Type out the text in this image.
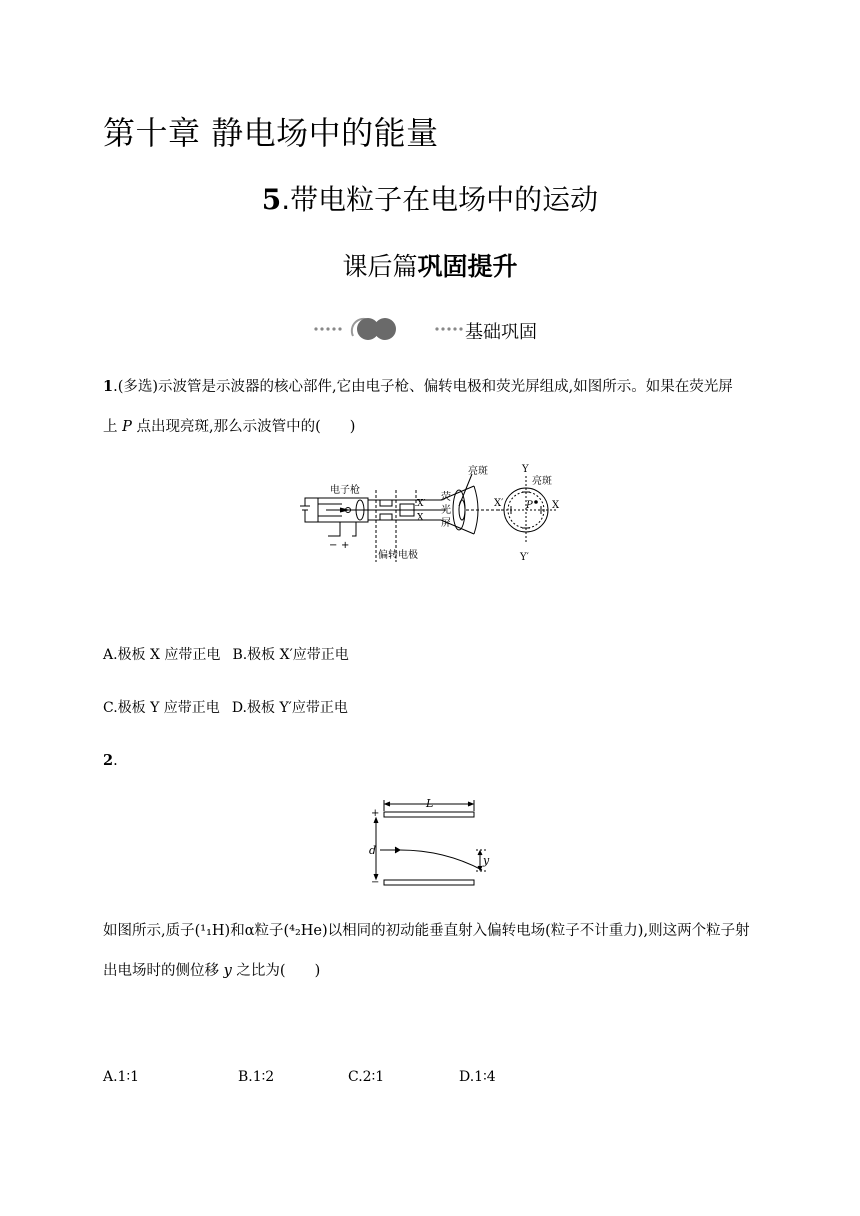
第十章 静电场中的能量
5.带电粒子在电场中的运动
课后篇巩固提升
基础巩固
1.(多选)示波管是示波器的核心部件,它由电子枪、偏转电极和荧光屏组成,如图所示。如果在荧光屏
上 P 点出现亮斑,那么示波管中的(　　)
电子枪
偏转电极
亮斑
荧
光
屏
亮斑
Y
Y′
X
X′ P
X′
X
− +
A.极板 X 应带正电 B.极板 X′应带正电
C.极板 Y 应带正电 D.极板 Y′应带正电
2.
L
d
y
+
−
如图所示,质子(¹₁H)和α粒子(⁴₂He)以相同的初动能垂直射入偏转电场(粒子不计重力),则这两个粒子射
出电场时的侧位移 y 之比为(　　)
A.1∶1	B.1∶2	C.2∶1	D.1∶4
